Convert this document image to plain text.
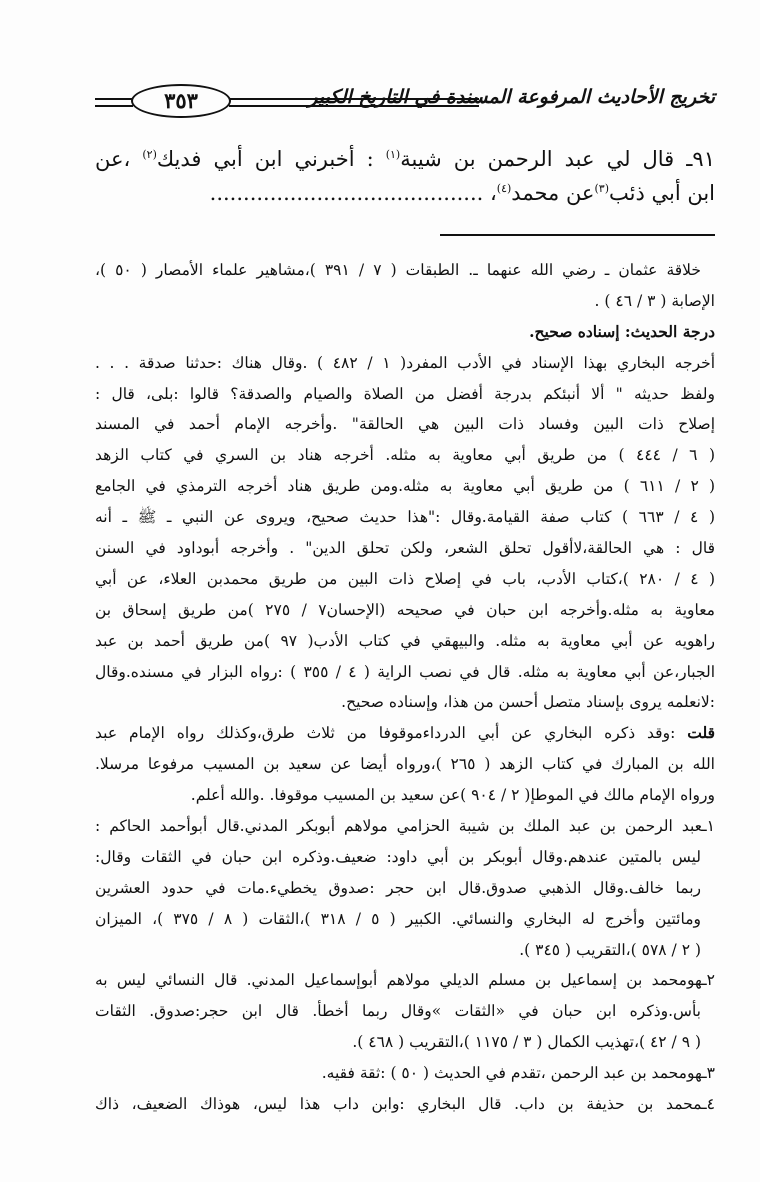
٣٥٣	تخريج الأحاديث المرفوعة المسندة في التاريخ الكبير
٩١ـ قال لي عبد الرحمن بن شيبة$^{(١)}$ : أخبرني ابن أبي فديك$^{(٢)}$ ،عن
ابن أبي ذئب$^{(٣)}$عن محمد$^{(٤)}$، .........................................
خلاقة عثمان ـ رضي الله عنهما ـ. الطبقات ( ٧ / ٣٩١ )،مشاهير علماء الأمصار ( ٥٠ )،
الإصابة ( ٣ / ٤٦ ) .
درجة الحديث: إسناده صحيح.
أخرجه البخاري بهذا الإسناد في الأدب المفرد( ١ / ٤٨٢ ) .وقال هناك :حدثنا صدقة . . .
ولفظ حديثه " ألا أنبئكم بدرجة أفضل من الصلاة والصيام والصدقة؟ قالوا :بلى، قال :
إصلاح ذات البين وفساد ذات البين هي الحالقة" .وأخرجه الإمام أحمد في المسند
( ٦ / ٤٤٤ ) من طريق أبي معاوية به مثله. أخرجه هناد بن السري في كتاب الزهد
( ٢ / ٦١١ ) من طريق أبي معاوية به مثله.ومن طريق هناد أخرجه الترمذي في الجامع
( ٤ / ٦٦٣ ) كتاب صفة القيامة.وقال :"هذا حديث صحيح، ويروى عن النبي ـ ﷺ ـ أنه
قال : هي الحالقة،لاأقول تحلق الشعر، ولكن تحلق الدين" . وأخرجه أبوداود في السنن
( ٤ / ٢٨٠ )،كتاب الأدب، باب في إصلاح ذات البين من طريق محمدبن العلاء، عن أبي
معاوية به مثله.وأخرجه ابن حبان في صحيحه (الإحسان٧ / ٢٧٥ )من طريق إسحاق بن
راهويه عن أبي معاوية به مثله. والبيهقي في كتاب الأدب( ٩٧ )من طريق أحمد بن عبد
الجبار،عن أبي معاوية به مثله. قال في نصب الراية ( ٤ / ٣٥٥ ) :رواه البزار في مسنده.وقال
:لانعلمه يروى بإسناد متصل أحسن من هذا، وإسناده صحيح.
قلت :وقد ذكره البخاري عن أبي الدرداءموقوفا من ثلاث طرق،وكذلك رواه الإمام عبد
الله بن المبارك في كتاب الزهد ( ٢٦٥ )،ورواه أيضا عن سعيد بن المسيب مرفوعا مرسلا.
ورواه الإمام مالك في الموطإ( ٢ / ٩٠٤ )عن سعيد بن المسيب موقوفا. .والله أعلم.
١ـعبد الرحمن بن عبد الملك بن شيبة الحزامي مولاهم أبوبكر المدني.قال أبوأحمد الحاكم :
ليس بالمتين عندهم.وقال أبوبكر بن أبي داود: ضعيف.وذكره ابن حبان في الثقات وقال:
ربما خالف.وقال الذهبي صدوق.قال ابن حجر :صدوق يخطيء.مات في حدود العشرين
ومائتين وأخرج له البخاري والنسائي. الكبير ( ٥ / ٣١٨ )،الثقات ( ٨ / ٣٧٥ )، الميزان
( ٢ / ٥٧٨ )،التقريب ( ٣٤٥ ).
٢ـهومحمد بن إسماعيل بن مسلم الديلي مولاهم أبوإسماعيل المدني. قال النسائي ليس به
بأس.وذكره ابن حبان في «الثقات »وقال ربما أخطأ. قال ابن حجر:صدوق. الثقات
( ٩ / ٤٢ )،تهذيب الكمال ( ٣ / ١١٧٥ )،التقريب ( ٤٦٨ ).
٣ـهومحمد بن عبد الرحمن ،تقدم في الحديث ( ٥٠ ) :ثقة فقيه.
٤ـمحمد بن حذيفة بن داب. قال البخاري :وابن داب هذا ليس، هوذاك الضعيف، ذاك
